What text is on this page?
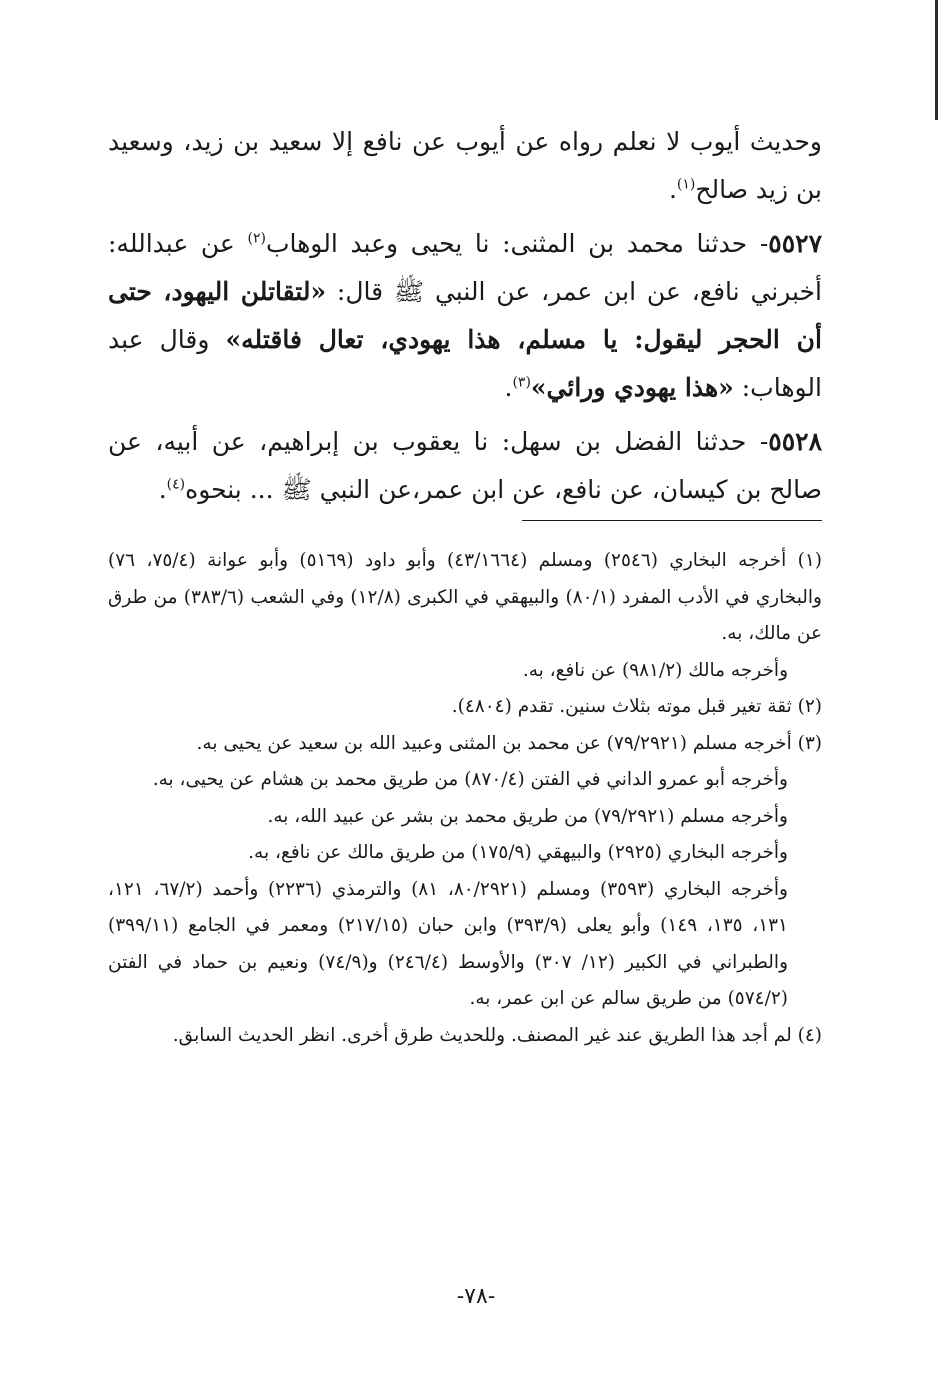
وحديث أيوب لا نعلم رواه عن أيوب عن نافع إلا سعيد بن زيد، وسعيد بن زيد صالح$^{(١)}$.

٥٥٢٧- حدثنا محمد بن المثنى: نا يحيى وعبد الوهاب$^{(٢)}$ عن عبدالله: أخبرني نافع، عن ابن عمر، عن النبي ﷺ قال: «لتقاتلن اليهود، حتى أن الحجر ليقول: يا مسلم، هذا يهودي، تعال فاقتله» وقال عبد الوهاب: «هذا يهودي ورائي»$^{(٣)}$.

٥٥٢٨- حدثنا الفضل بن سهل: نا يعقوب بن إبراهيم، عن أبيه، عن صالح بن كيسان، عن نافع، عن ابن عمر،عن النبي ﷺ ... بنحوه$^{(٤)}$.

(١) أخرجه البخاري (٢٥٤٦) ومسلم (٤٣/١٦٦٤) وأبو داود (٥١٦٩) وأبو عوانة (٧٥/٤، ٧٦) والبخاري في الأدب المفرد (٨٠/١) والبيهقي في الكبرى (١٢/٨) وفي الشعب (٣٨٣/٦) من طرق عن مالك، به.

وأخرجه مالك (٩٨١/٢) عن نافع، به.

(٢) ثقة تغير قبل موته بثلاث سنين. تقدم (٤٨٠٤).

(٣) أخرجه مسلم (٧٩/٢٩٢١) عن محمد بن المثنى وعبيد الله بن سعيد عن يحيى به.

وأخرجه أبو عمرو الداني في الفتن (٨٧٠/٤) من طريق محمد بن هشام عن يحيى، به.

وأخرجه مسلم (٧٩/٢٩٢١) من طريق محمد بن بشر عن عبيد الله، به.

وأخرجه البخاري (٢٩٢٥) والبيهقي (١٧٥/٩) من طريق مالك عن نافع، به.

وأخرجه البخاري (٣٥٩٣) ومسلم (٨٠/٢٩٢١، ٨١) والترمذي (٢٢٣٦) وأحمد (٦٧/٢، ١٢١، ١٣١، ١٣٥، ١٤٩) وأبو يعلى (٣٩٣/٩) وابن حبان (٢١٧/١٥) ومعمر في الجامع (٣٩٩/١١) والطبراني في الكبير (١٢/ ٣٠٧) والأوسط (٢٤٦/٤) و(٧٤/٩) ونعيم بن حماد في الفتن (٥٧٤/٢) من طريق سالم عن ابن عمر، به.

(٤) لم أجد هذا الطريق عند غير المصنف. وللحديث طرق أخرى. انظر الحديث السابق.

-٧٨-
